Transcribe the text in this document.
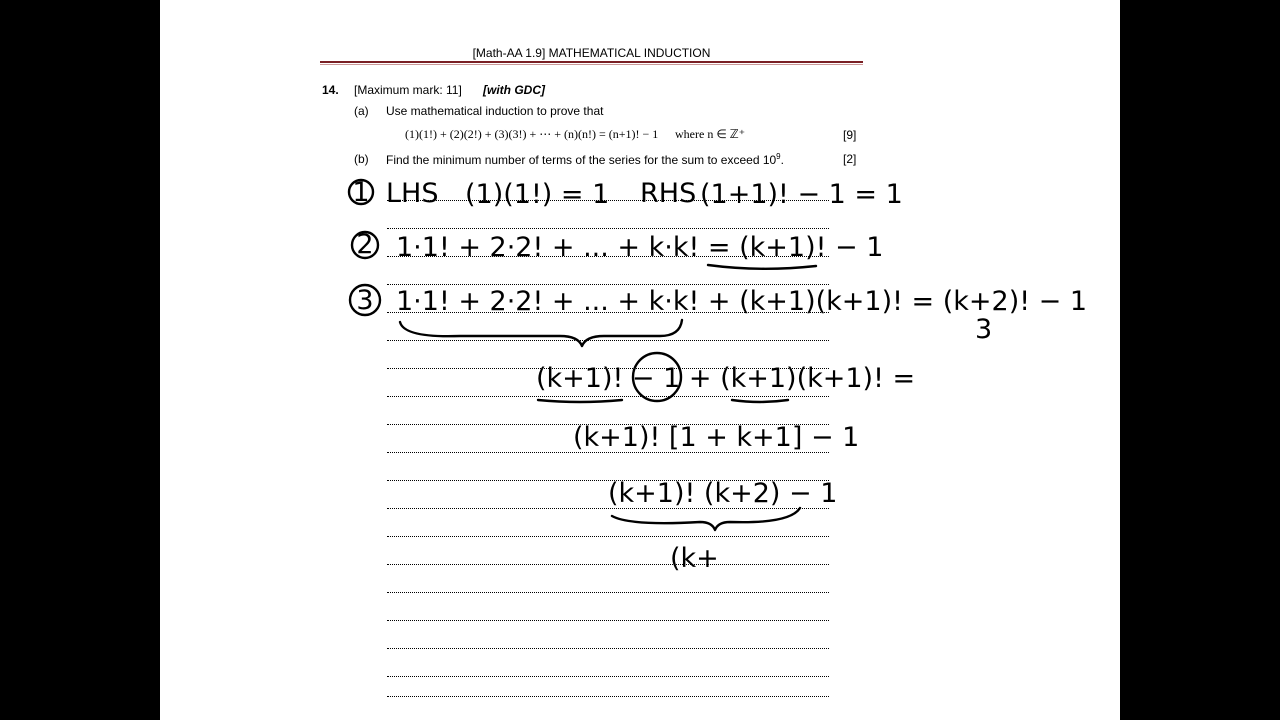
[Math-AA 1.9] MATHEMATICAL INDUCTION
14. [Maximum mark: 11] [with GDC]
(a) Use mathematical induction to prove that
(1)(1!) + (2)(2!) + (3)(3!) + ⋯ + (n)(n!) = (n+1)! − 1 where n ∈ ℤ⁺	[9]
(b) Find the minimum number of terms of the series for the sum to exceed $10^9$.	[2]
1 LHS (1)(1!) = 1 RHS (1+1)! − 1 = 1
2 1·1! + 2·2! + ... + k·k! = (k+1)! − 1
3 1·1! + 2·2! + ... + k·k! + (k+1)(k+1)! = (k+2)! − 1
3
(k+1)! − 1 + (k+1)(k+1)! =
(k+1)! [1 + k+1] − 1
(k+1)! (k+2) − 1
(k+
